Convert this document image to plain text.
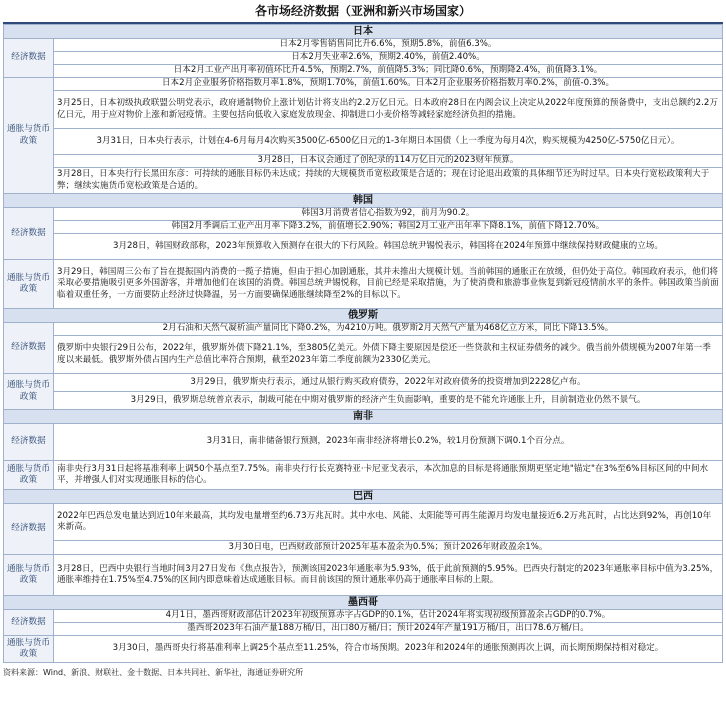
各市场经济数据（亚洲和新兴市场国家）
日本	
经济数据	日本2月零售销售同比升6.6%，预期5.8%，前值6.3%。
	日本2月失业率2.6%，预期2.40%，前值2.40%。
	日本2月工业产出月率初值环比升4.5%，预期2.7%，前值降5.3%；同比降0.6%，预期降2.4%，前值降3.1%。
通胀与货币政策	日本2月企业服务价格指数月率1.8%，预期1.70%，前值1.60%。日本2月企业服务价格指数月率0.2%，前值-0.3%。
	3月25日，日本初级执政联盟公明党表示，政府通制物价上涨计划估计将支出约2.2万亿日元。日本政府28日在内阁会议上决定从2022年度预算的预备费中，支出总额约2.2万亿日元，用于应对物价上涨和新冠疫情。主要包括向低收入家庭发放现金、抑制进口小麦价格等减轻家庭经济负担的措施。
	3月31日，日本央行表示，计划在4-6月每月4次购买3500亿-6500亿日元的1-3年期日本国债（上一季度为每月4次，购买规模为4250亿-5750亿日元）。
	3月28日，日本议会通过了创纪录的114万亿日元的2023财年预算。
	3月28日，日本央行行长黑田东彦：可持续的通胀目标仍未达成；持续的大规模货币宽松政策是合适的；现在讨论退出政策的具体细节还为时过早。日本央行宽松政策利大于弊；继续实施货币宽松政策是合适的。
韩国	
经济数据	韩国3月消费者信心指数为92，前月为90.2。
	韩国2月季调后工业产出月率下降3.2%，前值增长2.90%；韩国2月工业产出年率下降8.1%，前值下降12.70%。
	3月28日，韩国财政部称，2023年预算收入预测存在很大的下行风险。韩国总统尹锡悦表示，韩国将在2024年预算中继续保持财政健康的立场。
通胀与货币政策	3月29日，韩国周三公布了旨在提振国内消费的一揽子措施，但由于担心加剧通胀，其并未推出大规模计划。当前韩国的通胀正在放缓，但仍处于高位。韩国政府表示，他们将采取必要措施吸引更多外国游客，并增加他们在该国的消费。韩国总统尹锡悦称，目前已经是采取措施，为了使消费和旅游事业恢复到新冠疫情前水平的条件。韩国政策当前面临着双重任务，一方面要防止经济过快降温，另一方面要确保通胀继续降至2%的目标以下。
俄罗斯	
经济数据	2月石油和天然气凝析油产量同比下降0.2%，为4210万吨。俄罗斯2月天然气产量为468亿立方米，同比下降13.5%。
	俄罗斯中央银行29日公布，2022年，俄罗斯外债下降21.1%，至3805亿美元。外债下降主要原因是偿还一些贷款和主权证券债务的减少。俄当前外债规模为2007年第一季度以来最低。俄罗斯外债占国内生产总值比率符合预期，截至2023年第二季度前额为2330亿美元。
通胀与货币政策	3月29日，俄罗斯央行表示，通过从银行购买政府债券，2022年对政府债务的投资增加到2228亿卢布。
	3月29日，俄罗斯总统普京表示，制裁可能在中期对俄罗斯的经济产生负面影响，重要的是不能允许通胀上升，目前制造业仍然不景气。
南非	
经济数据	3月31日，南非储备银行预测，2023年南非经济将增长0.2%，较1月份预测下调0.1个百分点。
通胀与货币政策	南非央行3月31日起将基准利率上调50个基点至7.75%。南非央行行长克赛特亚·卡尼亚戈表示，本次加息的目标是将通胀预期更坚定地"锚定"在3%至6%目标区间的中间水平，并增强人们对实现通胀目标的信心。
巴西	
经济数据	2022年巴西总发电量达到近10年来最高，其均发电量增至约6.73万兆瓦时。其中水电、风能、太阳能等可再生能源月均发电量接近6.2万兆瓦时，占比达到92%，再创10年来新高。
	3月30日电，巴西财政部预计2025年基本盈余为0.5%；预计2026年财政盈余1%。
通胀与货币政策	3月28日，巴西中央银行当地时间3月27日发布《焦点报告》，预测该国2023年通胀率为5.93%，低于此前预测的5.95%。巴西央行制定的2023年通胀率目标中值为3.25%，通胀率维持在1.75%至4.75%的区间内即意味着达成通胀目标。而目前该国的预计通胀率仍高于通胀率目标的上限。
墨西哥	
经济数据	4月1日，墨西哥财政部估计2023年初级预算赤字占GDP的0.1%，估计2024年将实现初级预算盈余占GDP的0.7%。
	墨西哥2023年石油产量188万桶/日，出口80万桶/日；预计2024年产量191万桶/日，出口78.6万桶/日。
通胀与货币政策	3月30日，墨西哥央行将基准利率上调25个基点至11.25%，符合市场预期。2023年和2024年的通胀预测再次上调，而长期预期保持相对稳定。
资料来源：Wind、新浪、财联社、金十数据、日本共同社、新华社，海通证券研究所
